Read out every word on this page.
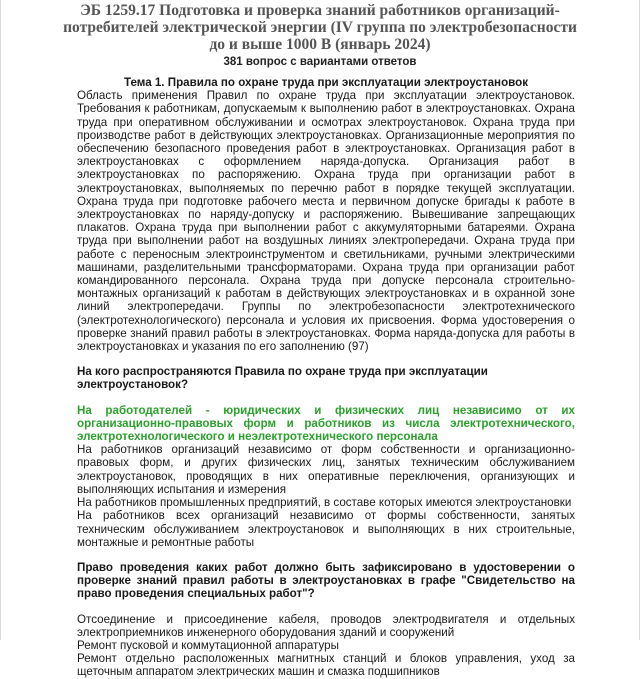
ЭБ 1259.17 Подготовка и проверка знаний работников организаций-
потребителей электрической энергии (IV группа по электробезопасности
до и выше 1000 В (январь 2024)
381 вопрос с вариантами ответов
Тема 1. Правила по охране труда при эксплуатации электроустановок
Область применения Правил по охране труда при эксплуатации электроустановок. Требования к работникам, допускаемым к выполнению работ в электроустановках. Охрана труда при оперативном обслуживании и осмотрах электроустановок. Охрана труда при производстве работ в действующих электроустановках. Организационные мероприятия по обеспечению безопасного проведения работ в электроустановках. Организация работ в электроустановках с оформлением наряда-допуска. Организация работ в электроустановках по распоряжению. Охрана труда при организации работ в электроустановках, выполняемых по перечню работ в порядке текущей эксплуатации. Охрана труда при подготовке рабочего места и первичном допуске бригады к работе в электроустановках по наряду-допуску и распоряжению. Вывешивание запрещающих плакатов. Охрана труда при выполнении работ с аккумуляторными батареями. Охрана труда при выполнении работ на воздушных линиях электропередачи. Охрана труда при работе с переносным электроинструментом и светильниками, ручными электрическими машинами, разделительными трансформаторами. Охрана труда при организации работ командированного персонала. Охрана труда при допуске персонала строительно-монтажных организаций к работам в действующих электроустановках и в охранной зоне линий электропередачи. Группы по электробезопасности электротехнического (электротехнологического) персонала и условия их присвоения. Форма удостоверения о проверке знаний правил работы в электроустановках. Форма наряда-допуска для работы в электроустановках и указания по его заполнению (97)
На кого распространяются Правила по охране труда при эксплуатации электроустановок?
На работодателей - юридических и физических лиц независимо от их организационно-правовых форм и работников из числа электротехнического, электротехнологического и неэлектротехнического персонала
На работников организаций независимо от форм собственности и организационно-правовых форм, и других физических лиц, занятых техническим обслуживанием электроустановок, проводящих в них оперативные переключения, организующих и выполняющих испытания и измерения
На работников промышленных предприятий, в составе которых имеются электроустановки
На работников всех организаций независимо от формы собственности, занятых техническим обслуживанием электроустановок и выполняющих в них строительные, монтажные и ремонтные работы
Право проведения каких работ должно быть зафиксировано в удостоверении о проверке знаний правил работы в электроустановках в графе "Свидетельство на право проведения специальных работ"?
Отсоединение и присоединение кабеля, проводов электродвигателя и отдельных электроприемников инженерного оборудования зданий и сооружений
Ремонт пусковой и коммутационной аппаратуры
Ремонт отдельно расположенных магнитных станций и блоков управления, уход за щеточным аппаратом электрических машин и смазка подшипников
